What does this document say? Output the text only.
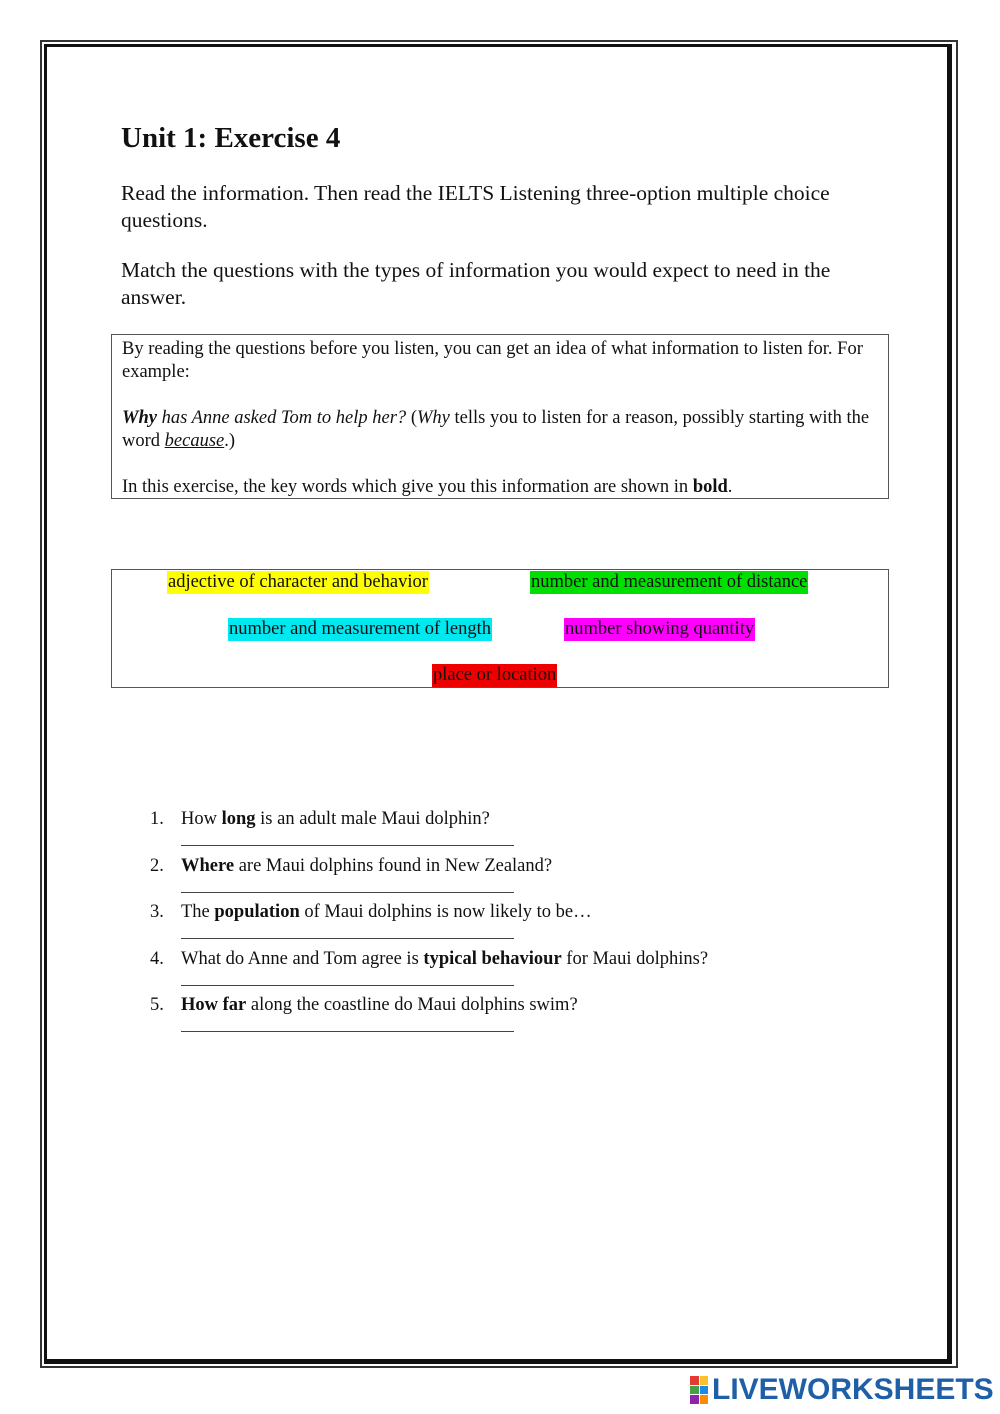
Unit 1: Exercise 4

Read the information. Then read the IELTS Listening three-option multiple choice questions.

Match the questions with the types of information you would expect to need in the answer.

By reading the questions before you listen, you can get an idea of what information to listen for. For example:

Why has Anne asked Tom to help her? (Why tells you to listen for a reason, possibly starting with the word because.)

In this exercise, the key words which give you this information are shown in bold.

adjective of character and behavior	number and measurement of distance
number and measurement of length	number showing quantity
place or location
1. How long is an adult male Maui dolphin?
2. Where are Maui dolphins found in New Zealand?
3. The population of Maui dolphins is now likely to be…
4. What do Anne and Tom agree is typical behaviour for Maui dolphins?
5. How far along the coastline do Maui dolphins swim?
LIVEWORKSHEETS
